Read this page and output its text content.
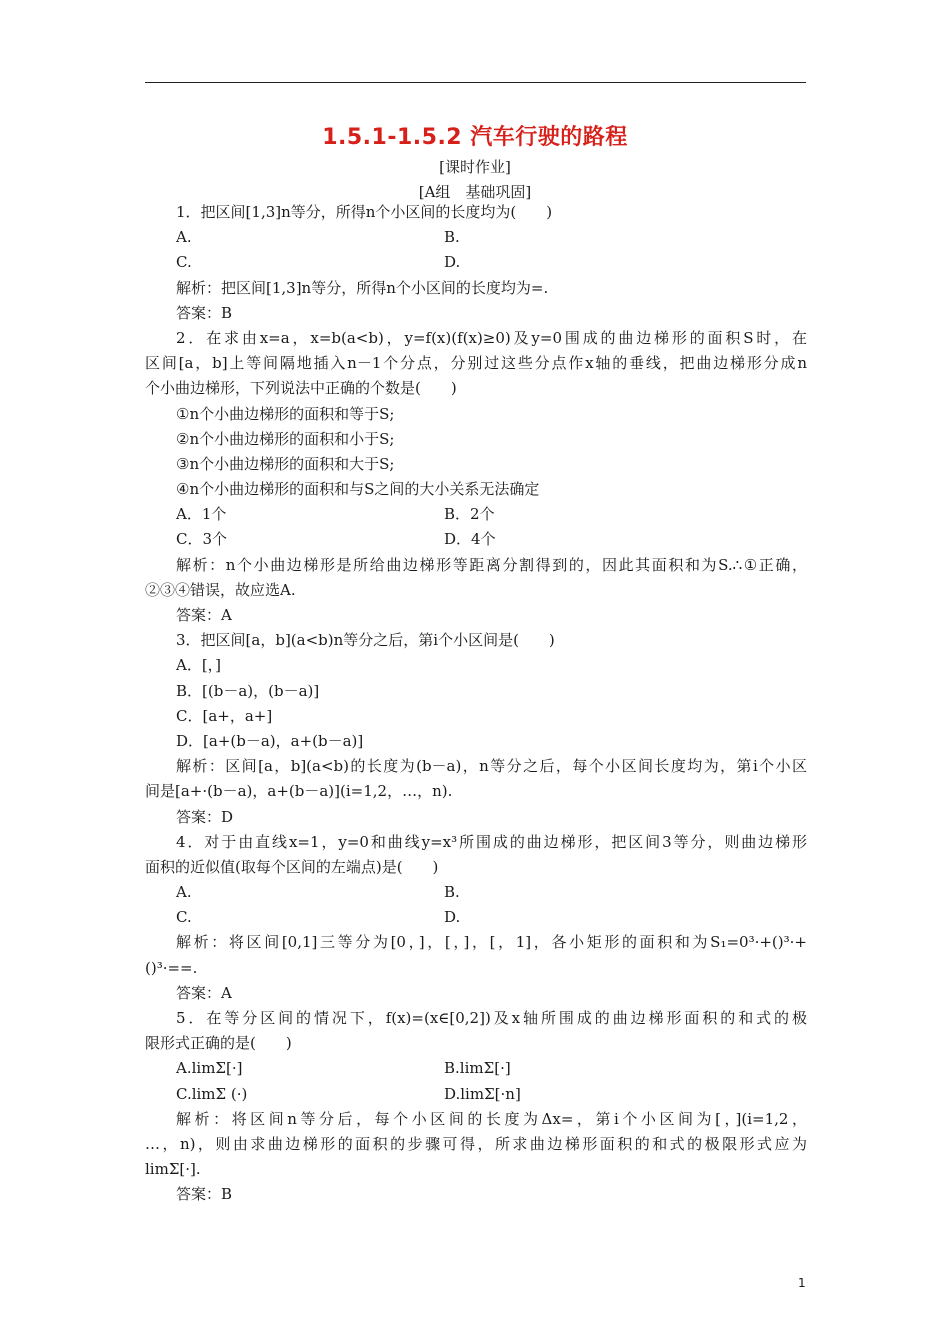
1.5.1-1.5.2 汽车行驶的路程
[课时作业]
[A组　基础巩固]
1．把区间[1,3]n等分，所得n个小区间的长度均为(　　)
A.	B.
C.	D.
解析：把区间[1,3]n等分，所得n个小区间的长度均为=.
答案：B
2．在求由x=a，x=b(a<b)，y=f(x)(f(x)≥0)及y=0围成的曲边梯形的面积S时，在
区间[a，b]上等间隔地插入n－1个分点，分别过这些分点作x轴的垂线，把曲边梯形分成n
个小曲边梯形，下列说法中正确的个数是(　　)
①n个小曲边梯形的面积和等于S;
②n个小曲边梯形的面积和小于S;
③n个小曲边梯形的面积和大于S;
④n个小曲边梯形的面积和与S之间的大小关系无法确定
A．1个	B．2个
C．3个	D．4个
解析：n个小曲边梯形是所给曲边梯形等距离分割得到的，因此其面积和为S.∴①正确，
②③④错误，故应选A.
答案：A
3．把区间[a，b](a<b)n等分之后，第i个小区间是(　　)
A．[，]
B．[(b－a)，(b－a)]
C．[a+，a+]
D．[a+(b－a)，a+(b－a)]
解析：区间[a，b](a<b)的长度为(b－a)，n等分之后，每个小区间长度均为，第i个小区
间是[a+·(b－a)，a+(b－a)](i=1,2，…，n).
答案：D
4．对于由直线x=1，y=0和曲线y=x³所围成的曲边梯形，把区间3等分，则曲边梯形
面积的近似值(取每个区间的左端点)是(　　)
A.	B.
C.	D.
解析：将区间[0,1]三等分为[0，]，[，]，[，1]，各小矩形的面积和为S₁=0³·+()³·+
()³·==.
答案：A
5．在等分区间的情况下，f(x)=(x∈[0,2])及x轴所围成的曲边梯形面积的和式的极
限形式正确的是(　　)
A.limΣ[·]	B.limΣ[·]
C.limΣ (·)	D.limΣ[·n]
解析：将区间n等分后，每个小区间的长度为Δx=，第i个小区间为[，](i=1,2，
…，n)，则由求曲边梯形的面积的步骤可得，所求曲边梯形面积的和式的极限形式应为
limΣ[·].
答案：B
1
